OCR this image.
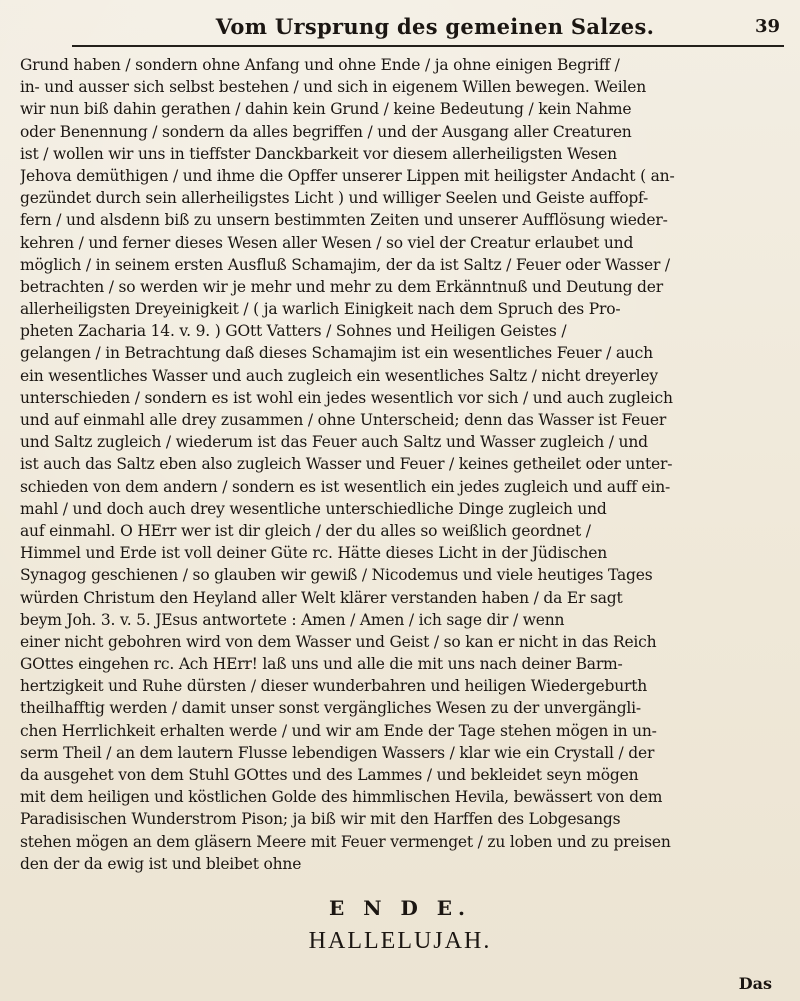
Vom Ursprung des gemeinen Salzes.	39
Grund haben / sondern ohne Anfang und ohne Ende / ja ohne einigen Begriff /
in- und ausser sich selbst bestehen / und sich in eigenem Willen bewegen. Weilen
wir nun biß dahin gerathen / dahin kein Grund / keine Bedeutung / kein Nahme
oder Benennung / sondern da alles begriffen / und der Ausgang aller Creaturen
ist / wollen wir uns in tieffster Danckbarkeit vor diesem allerheiligsten Wesen
Jehova demüthigen / und ihme die Opffer unserer Lippen mit heiligster Andacht ( an-
gezündet durch sein allerheiligstes Licht ) und williger Seelen und Geiste auffopf-
fern / und alsdenn biß zu unsern bestimmten Zeiten und unserer Aufflösung wieder-
kehren / und ferner dieses Wesen aller Wesen / so viel der Creatur erlaubet und
möglich / in seinem ersten Ausfluß Schamajim, der da ist Saltz / Feuer oder Wasser /
betrachten / so werden wir je mehr und mehr zu dem Erkänntnuß und Deutung der
allerheiligsten Dreyeinigkeit / ( ja warlich Einigkeit nach dem Spruch des Pro-
pheten Zacharia 14. v. 9. ) GOtt Vatters / Sohnes und Heiligen Geistes /
gelangen / in Betrachtung daß dieses Schamajim ist ein wesentliches Feuer / auch
ein wesentliches Wasser und auch zugleich ein wesentliches Saltz / nicht dreyerley
unterschieden / sondern es ist wohl ein jedes wesentlich vor sich / und auch zugleich
und auf einmahl alle drey zusammen / ohne Unterscheid; denn das Wasser ist Feuer
und Saltz zugleich / wiederum ist das Feuer auch Saltz und Wasser zugleich / und
ist auch das Saltz eben also zugleich Wasser und Feuer / keines getheilet oder unter-
schieden von dem andern / sondern es ist wesentlich ein jedes zugleich und auff ein-
mahl / und doch auch drey wesentliche unterschiedliche Dinge zugleich und
auf einmahl. O HErr wer ist dir gleich / der du alles so weißlich geordnet /
Himmel und Erde ist voll deiner Güte rc. Hätte dieses Licht in der Jüdischen
Synagog geschienen / so glauben wir gewiß / Nicodemus und viele heutiges Tages
würden Christum den Heyland aller Welt klärer verstanden haben / da Er sagt
beym Joh. 3. v. 5. JEsus antwortete : Amen / Amen / ich sage dir / wenn
einer nicht gebohren wird von dem Wasser und Geist / so kan er nicht in das Reich
GOttes eingehen rc. Ach HErr! laß uns und alle die mit uns nach deiner Barm-
hertzigkeit und Ruhe dürsten / dieser wunderbahren und heiligen Wiedergeburth
theilhafftig werden / damit unser sonst vergängliches Wesen zu der unvergängli-
chen Herrlichkeit erhalten werde / und wir am Ende der Tage stehen mögen in un-
serm Theil / an dem lautern Flusse lebendigen Wassers / klar wie ein Crystall / der
da ausgehet von dem Stuhl GOttes und des Lammes / und bekleidet seyn mögen
mit dem heiligen und köstlichen Golde des himmlischen Hevila, bewässert von dem
Paradisischen Wunderstrom Pison; ja biß wir mit den Harffen des Lobgesangs
stehen mögen an dem gläsern Meere mit Feuer vermenget / zu loben und zu preisen
den der da ewig ist und bleibet ohne
E N D E.
HALLELUJAH.
Das
